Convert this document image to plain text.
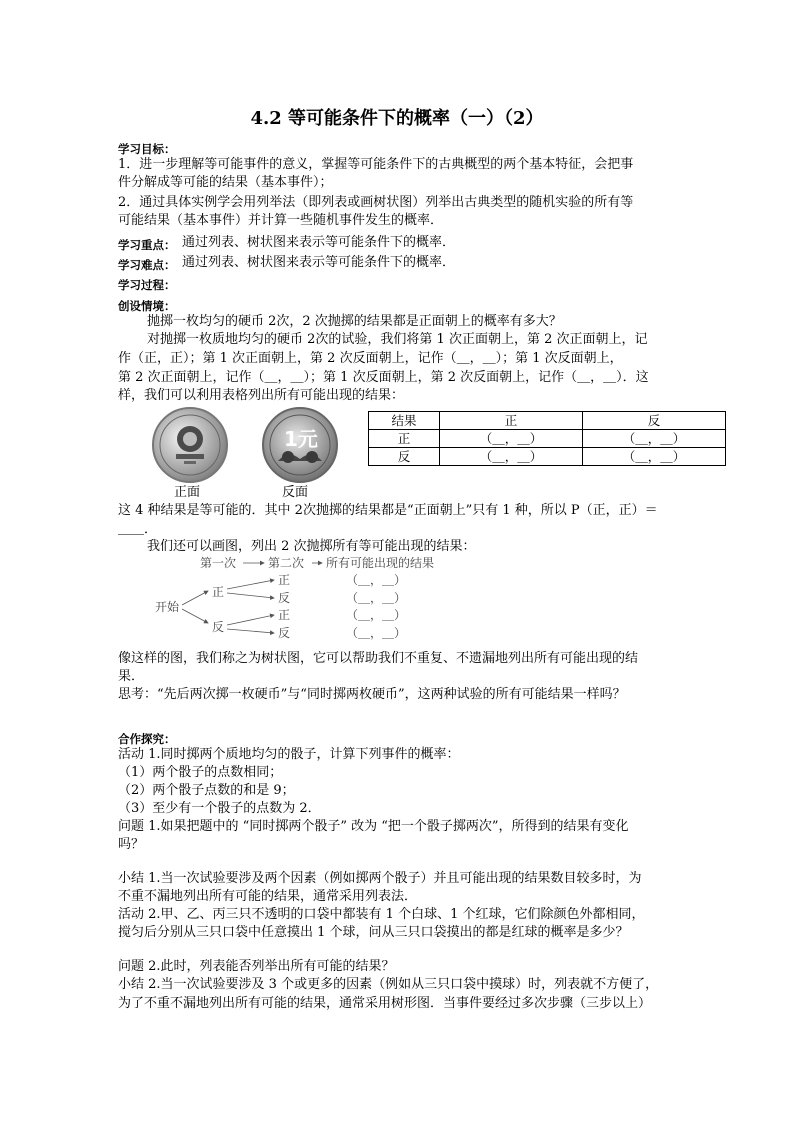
4.2 等可能条件下的概率（一）（2）
学习目标：
1．进一步理解等可能事件的意义，掌握等可能条件下的古典概型的两个基本特征，会把事
件分解成等可能的结果（基本事件）；
2．通过具体实例学会用列举法（即列表或画树状图）列举出古典类型的随机实验的所有等
可能结果（基本事件）并计算一些随机事件发生的概率．
学习重点： 通过列表、树状图来表示等可能条件下的概率．
学习难点： 通过列表、树状图来表示等可能条件下的概率．
学习过程：
创设情境：
抛掷一枚均匀的硬币 2次，2 次抛掷的结果都是正面朝上的概率有多大？
对抛掷一枚质地均匀的硬币 2次的试验，我们将第 1 次正面朝上，第 2 次正面朝上，记
作（正，正）；第 1 次正面朝上，第 2 次反面朝上，记作（＿，＿）；第 1 次反面朝上，
第 2 次正面朝上，记作（＿，＿）；第 1 次反面朝上，第 2 次反面朝上，记作（＿，＿）．这
样，我们可以利用表格列出所有可能出现的结果：
1元
正面	反面
结果	正	反
正	（＿，＿）	（＿，＿）
反	（＿，＿）	（＿，＿）
这 4 种结果是等可能的．其中 2次抛掷的结果都是“正面朝上”只有 1 种，所以 P（正，正）＝
＿＿．
我们还可以画图，列出 2 次抛掷所有等可能出现的结果：
第一次	第二次 所有可能出现的结果
开始
正
反
正
反
正
反
（＿，＿）
（＿，＿）
（＿，＿）
（＿，＿）
像这样的图，我们称之为树状图，它可以帮助我们不重复、不遗漏地列出所有可能出现的结
果．
思考：“先后两次掷一枚硬币”与“同时掷两枚硬币”，这两种试验的所有可能结果一样吗？
合作探究：
活动 1.同时掷两个质地均匀的骰子，计算下列事件的概率：
（1）两个骰子的点数相同；
（2）两个骰子点数的和是 9；
（3）至少有一个骰子的点数为 2．
问题 1.如果把题中的 “同时掷两个骰子” 改为 “把一个骰子掷两次”，所得到的结果有变化
吗？
小结 1.当一次试验要涉及两个因素（例如掷两个骰子）并且可能出现的结果数目较多时，为
不重不漏地列出所有可能的结果，通常采用列表法．
活动 2.甲、乙、丙三只不透明的口袋中都装有 1 个白球、1 个红球，它们除颜色外都相同，
搅匀后分别从三只口袋中任意摸出 1 个球，问从三只口袋摸出的都是红球的概率是多少？
问题 2.此时，列表能否列举出所有可能的结果？
小结 2.当一次试验要涉及 3 个或更多的因素（例如从三只口袋中摸球）时，列表就不方便了，
为了不重不漏地列出所有可能的结果，通常采用树形图．当事件要经过多次步骤（三步以上）
